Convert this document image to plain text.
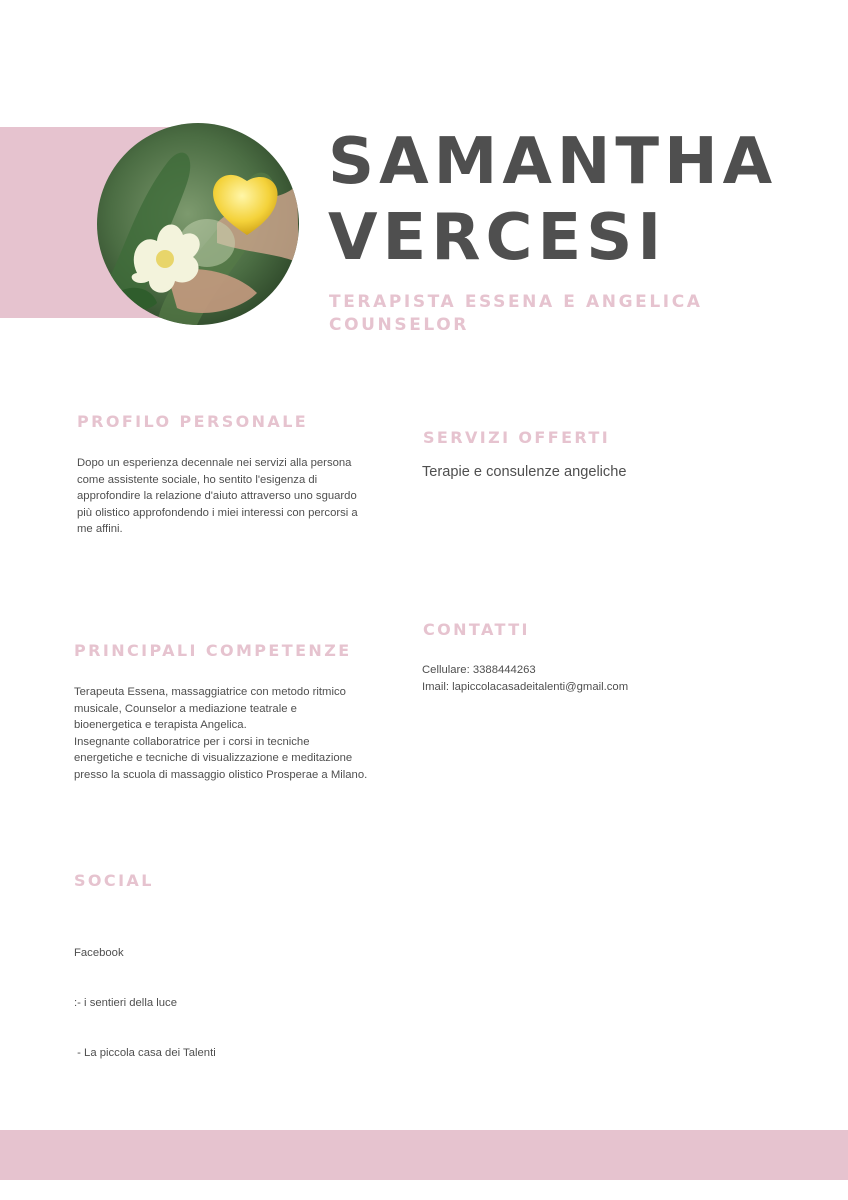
SAMANTHA
VERCESI
TERAPISTA ESSENA E ANGELICA
COUNSELOR
PROFILO PERSONALE
Dopo un esperienza decennale nei servizi alla persona
come assistente sociale, ho sentito l'esigenza di
approfondire la relazione d'aiuto attraverso uno sguardo
più olistico approfondendo i miei interessi con percorsi a
me affini.
SERVIZI OFFERTI

Terapie e consulenze angeliche

PRINCIPALI COMPETENZE
Terapeuta Essena, massaggiatrice con metodo ritmico
musicale, Counselor a mediazione teatrale e
bioenergetica e terapista Angelica.
Insegnante collaboratrice per i corsi in tecniche
energetiche e tecniche di visualizzazione e meditazione
presso la scuola di massaggio olistico Prosperae a Milano.
CONTATTI
Cellulare: 3388444263
Imail: lapiccolacasadeitalenti@gmail.com
SOCIAL

Facebook

:- i sentieri della luce

- La piccola casa dei Talenti
